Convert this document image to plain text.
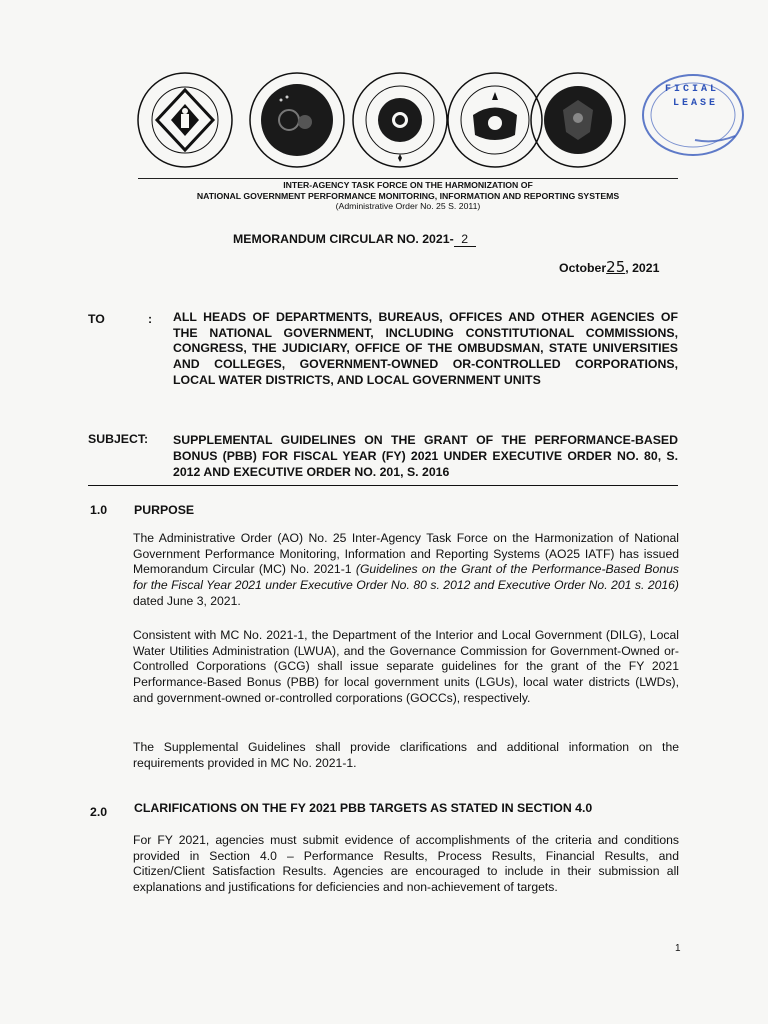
FICIAL
LEASE
INTER-AGENCY TASK FORCE ON THE HARMONIZATION OF
NATIONAL GOVERNMENT PERFORMANCE MONITORING, INFORMATION AND REPORTING SYSTEMS
(Administrative Order No. 25 S. 2011)
MEMORANDUM CIRCULAR NO. 2021- 2
October25, 2021
TO	: ALL HEADS OF DEPARTMENTS, BUREAUS, OFFICES AND OTHER AGENCIES OF THE NATIONAL GOVERNMENT, INCLUDING CONSTITUTIONAL COMMISSIONS, CONGRESS, THE JUDICIARY, OFFICE OF THE OMBUDSMAN, STATE UNIVERSITIES AND COLLEGES, GOVERNMENT-OWNED OR-CONTROLLED CORPORATIONS, LOCAL WATER DISTRICTS, AND LOCAL GOVERNMENT UNITS
SUBJECT: SUPPLEMENTAL GUIDELINES ON THE GRANT OF THE PERFORMANCE-BASED BONUS (PBB) FOR FISCAL YEAR (FY) 2021 UNDER EXECUTIVE ORDER NO. 80, S. 2012 AND EXECUTIVE ORDER NO. 201, S. 2016
1.0 PURPOSE
The Administrative Order (AO) No. 25 Inter-Agency Task Force on the Harmonization of National Government Performance Monitoring, Information and Reporting Systems (AO25 IATF) has issued Memorandum Circular (MC) No. 2021-1 (Guidelines on the Grant of the Performance-Based Bonus for the Fiscal Year 2021 under Executive Order No. 80 s. 2012 and Executive Order No. 201 s. 2016) dated June 3, 2021.
Consistent with MC No. 2021-1, the Department of the Interior and Local Government (DILG), Local Water Utilities Administration (LWUA), and the Governance Commission for Government-Owned or-Controlled Corporations (GCG) shall issue separate guidelines for the grant of the FY 2021 Performance-Based Bonus (PBB) for local government units (LGUs), local water districts (LWDs), and government-owned or-controlled corporations (GOCCs), respectively.
The Supplemental Guidelines shall provide clarifications and additional information on the requirements provided in MC No. 2021-1.
2.0 CLARIFICATIONS ON THE FY 2021 PBB TARGETS AS STATED IN SECTION 4.0
For FY 2021, agencies must submit evidence of accomplishments of the criteria and conditions provided in Section 4.0 – Performance Results, Process Results, Financial Results, and Citizen/Client Satisfaction Results. Agencies are encouraged to include in their submission all explanations and justifications for deficiencies and non-achievement of targets.
1
